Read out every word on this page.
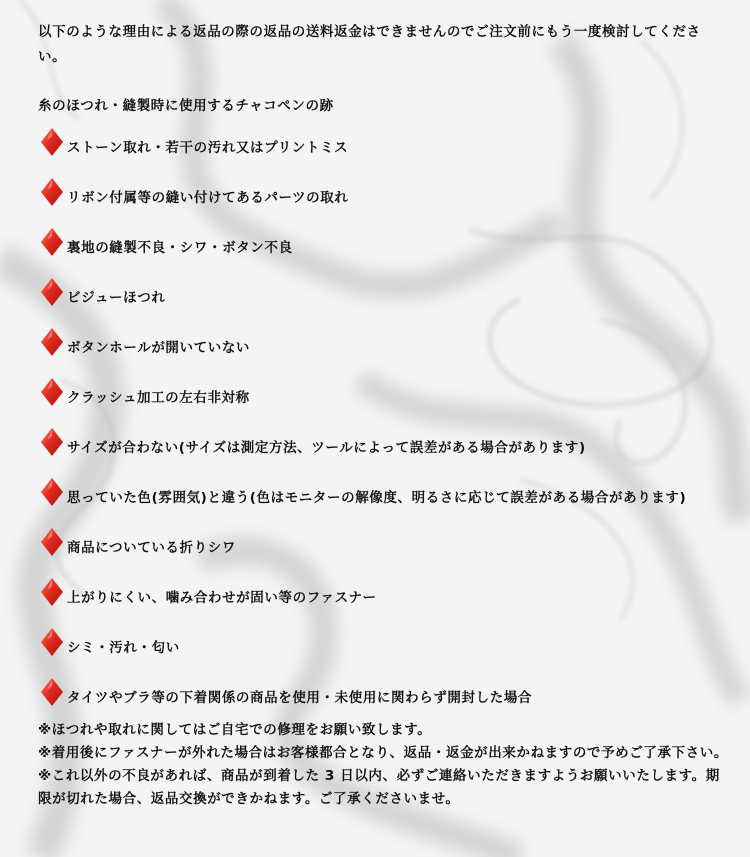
以下のような理由による返品の際の返品の送料返金はできませんのでご注文前にもう一度検討してください。
糸のほつれ・縫製時に使用するチャコペンの跡
ストーン取れ・若干の汚れ又はプリントミス
リボン付属等の縫い付けてあるパーツの取れ
裏地の縫製不良・シワ・ボタン不良
ビジューほつれ
ボタンホールが開いていない
クラッシュ加工の左右非対称
サイズが合わない(サイズは測定方法、ツールによって誤差がある場合があります)
思っていた色(雰囲気)と違う(色はモニターの解像度、明るさに応じて誤差がある場合があります)
商品についている折りシワ
上がりにくい、噛み合わせが固い等のファスナー
シミ・汚れ・匂い
タイツやブラ等の下着関係の商品を使用・未使用に関わらず開封した場合

※ほつれや取れに関してはご自宅での修理をお願い致します。

※着用後にファスナーが外れた場合はお客様都合となり、返品・返金が出来かねますので予めご了承下さい。

※これ以外の不良があれば、商品が到着した 3 日以内、必ずご連絡いただきますようお願いいたします。期限が切れた場合、返品交換ができかねます。ご了承くださいませ。
